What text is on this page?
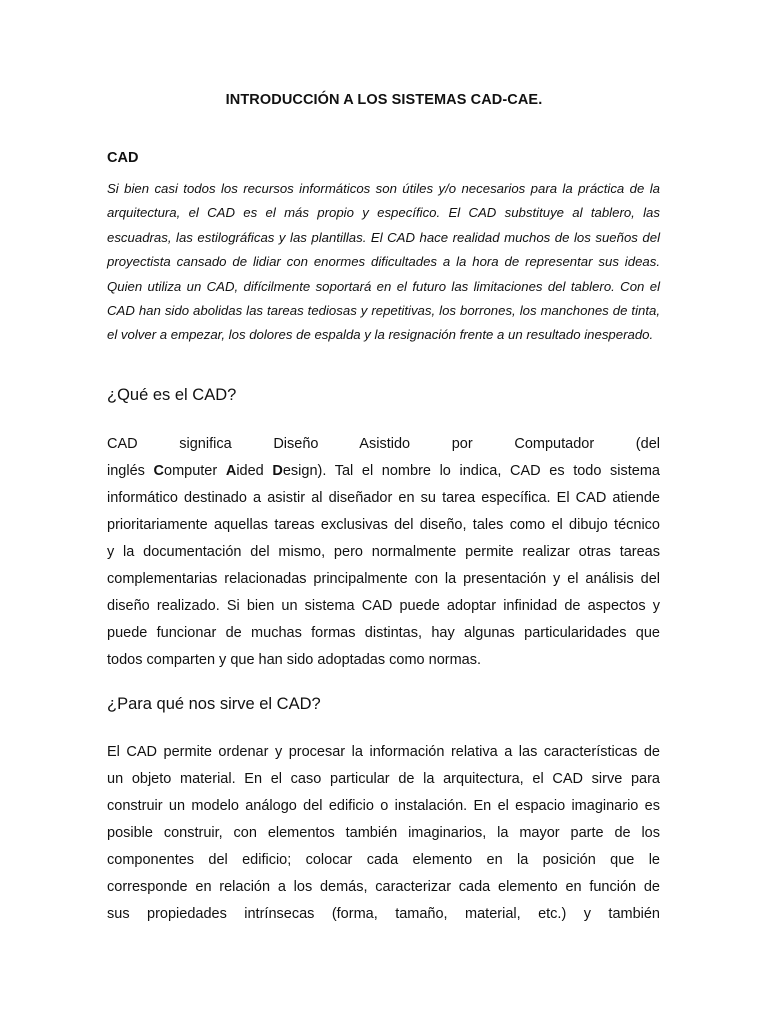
INTRODUCCIÓN A LOS SISTEMAS CAD-CAE.
CAD

Si bien casi todos los recursos informáticos son útiles y/o necesarios para la práctica de la arquitectura, el CAD es el más propio y específico. El CAD substituye al tablero, las escuadras, las estilográficas y las plantillas. El CAD hace realidad muchos de los sueños del proyectista cansado de lidiar con enormes dificultades a la hora de representar sus ideas. Quien utiliza un CAD, difícilmente soportará en el futuro las limitaciones del tablero. Con el CAD han sido abolidas las tareas tediosas y repetitivas, los borrones, los manchones de tinta, el volver a empezar, los dolores de espalda y la resignación frente a un resultado inesperado.

¿Qué es el CAD?
CAD significa Diseño Asistido por Computador (del
inglés Computer Aided Design). Tal el nombre lo indica, CAD es todo sistema
informático destinado a asistir al diseñador en su tarea específica. El CAD atiende
prioritariamente aquellas tareas exclusivas del diseño, tales como el dibujo técnico
y la documentación del mismo, pero normalmente permite realizar otras tareas
complementarias relacionadas principalmente con la presentación y el análisis del
diseño realizado. Si bien un sistema CAD puede adoptar infinidad de aspectos y
puede funcionar de muchas formas distintas, hay algunas particularidades que
todos comparten y que han sido adoptadas como normas.
¿Para qué nos sirve el CAD?
El CAD permite ordenar y procesar la información relativa a las características de
un objeto material. En el caso particular de la arquitectura, el CAD sirve para
construir un modelo análogo del edificio o instalación. En el espacio imaginario es
posible construir, con elementos también imaginarios, la mayor parte de los
componentes del edificio; colocar cada elemento en la posición que le
corresponde en relación a los demás, caracterizar cada elemento en función de
sus propiedades intrínsecas (forma, tamaño, material, etc.) y también
